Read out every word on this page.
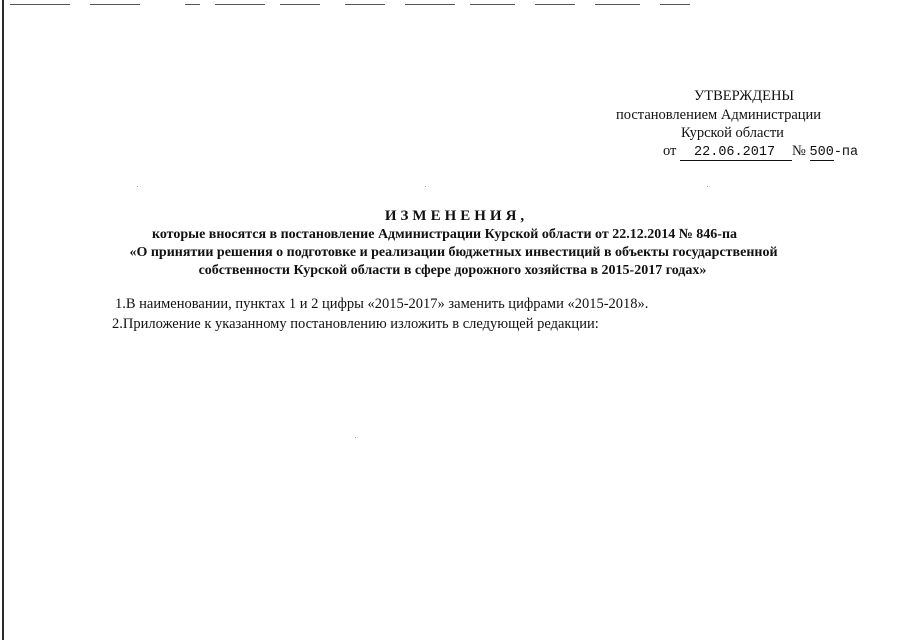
УТВЕРЖДЕНЫ
постановлением Администрации
Курской области
от 22.06.2017 № 500-па
ИЗМЕНЕНИЯ,
которые вносятся в постановление Администрации Курской области от 22.12.2014 № 846-па
«О принятии решения о подготовке и реализации бюджетных инвестиций в объекты государственной
собственности Курской области в сфере дорожного хозяйства в 2015-2017 годах»
1.В наименовании, пунктах 1 и 2 цифры «2015-2017» заменить цифрами «2015-2018».
2.Приложение к указанному постановлению изложить в следующей редакции:
